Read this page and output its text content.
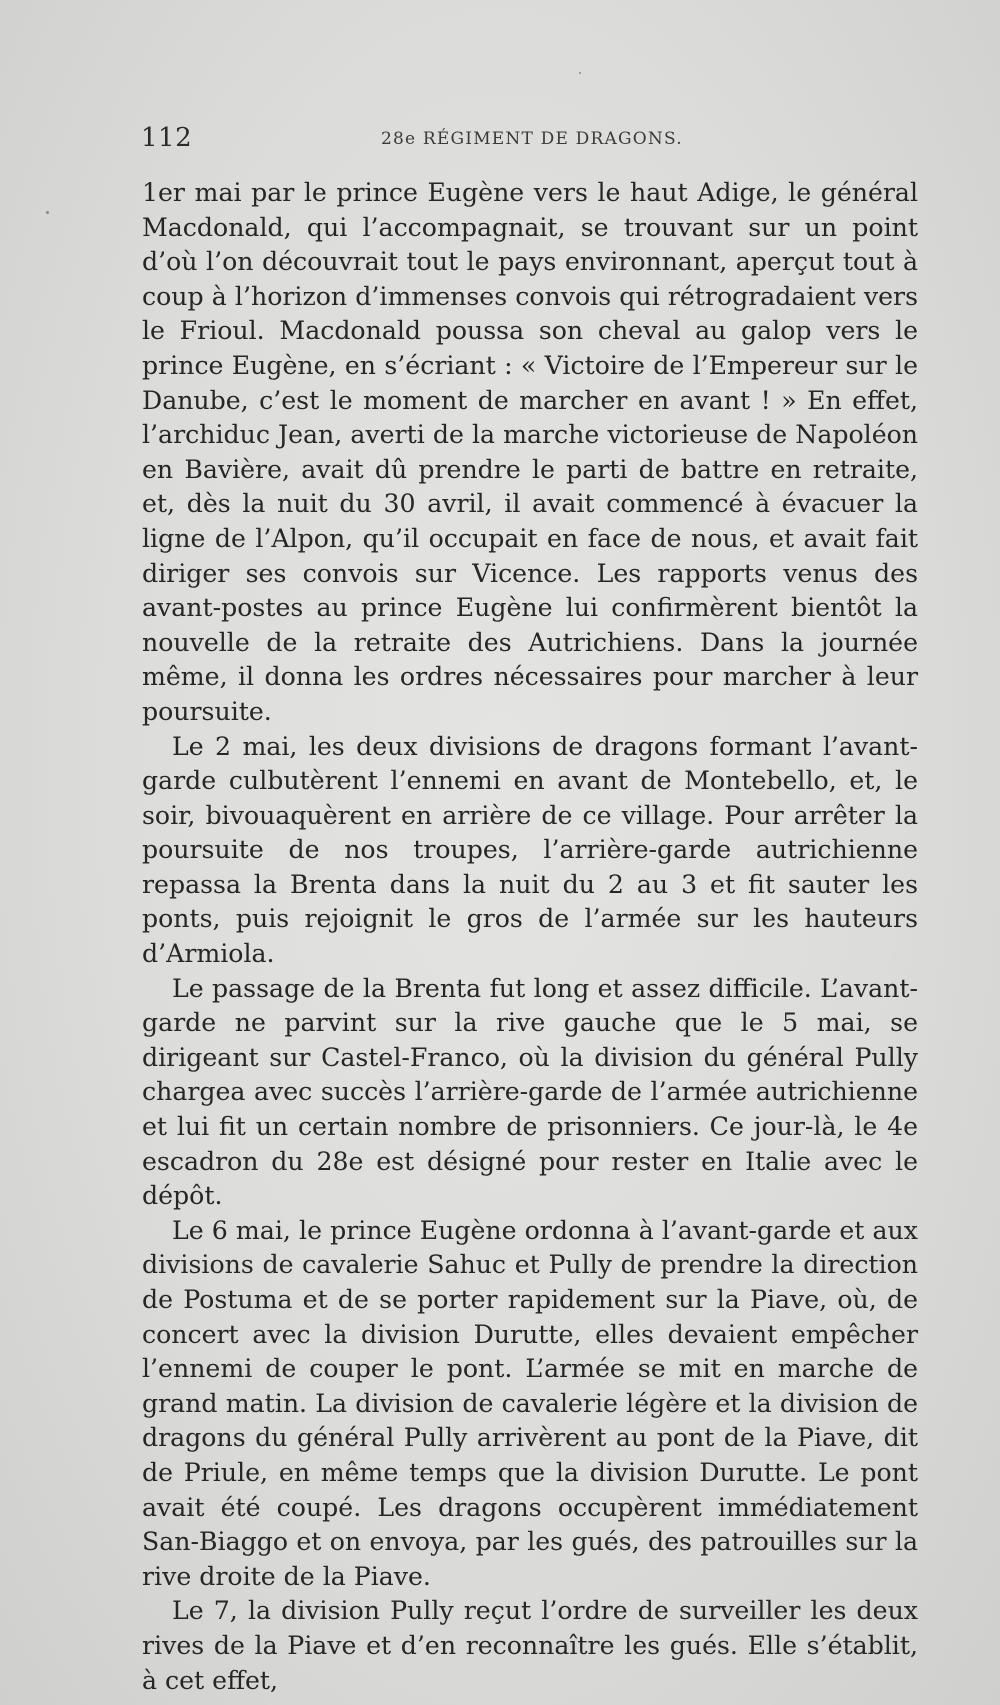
112	28e RÉGIMENT DE DRAGONS.

1er mai par le prince Eugène vers le haut Adige, le général Macdonald, qui l’accompagnait, se trouvant sur un point d’où l’on découvrait tout le pays environnant, aperçut tout à coup à l’horizon d’immenses convois qui rétrogradaient vers le Frioul. Macdonald poussa son cheval au galop vers le prince Eugène, en s’écriant : « Victoire de l’Empereur sur le Danube, c’est le moment de marcher en avant ! » En effet, l’archiduc Jean, averti de la marche victorieuse de Napoléon en Bavière, avait dû prendre le parti de battre en retraite, et, dès la nuit du 30 avril, il avait commencé à évacuer la ligne de l’Alpon, qu’il occupait en face de nous, et avait fait diriger ses convois sur Vicence. Les rapports venus des avant-postes au prince Eugène lui confirmèrent bientôt la nouvelle de la retraite des Autrichiens. Dans la journée même, il donna les ordres nécessaires pour marcher à leur poursuite.

Le 2 mai, les deux divisions de dragons formant l’avant-garde culbutèrent l’ennemi en avant de Montebello, et, le soir, bivouaquèrent en arrière de ce village. Pour arrêter la poursuite de nos troupes, l’arrière-garde autrichienne repassa la Brenta dans la nuit du 2 au 3 et fit sauter les ponts, puis rejoignit le gros de l’armée sur les hauteurs d’Armiola.

Le passage de la Brenta fut long et assez difficile. L’avant-garde ne parvint sur la rive gauche que le 5 mai, se dirigeant sur Castel-Franco, où la division du général Pully chargea avec succès l’arrière-garde de l’armée autrichienne et lui fit un certain nombre de prisonniers. Ce jour-là, le 4e escadron du 28e est désigné pour rester en Italie avec le dépôt.

Le 6 mai, le prince Eugène ordonna à l’avant-garde et aux divisions de cavalerie Sahuc et Pully de prendre la direction de Postuma et de se porter rapidement sur la Piave, où, de concert avec la division Durutte, elles devaient empêcher l’ennemi de couper le pont. L’armée se mit en marche de grand matin. La division de cavalerie légère et la division de dragons du général Pully arrivèrent au pont de la Piave, dit de Priule, en même temps que la division Durutte. Le pont avait été coupé. Les dragons occupèrent immédiatement San-Biaggo et on envoya, par les gués, des patrouilles sur la rive droite de la Piave.

Le 7, la division Pully reçut l’ordre de surveiller les deux rives de la Piave et d’en reconnaître les gués. Elle s’établit, à cet effet,
